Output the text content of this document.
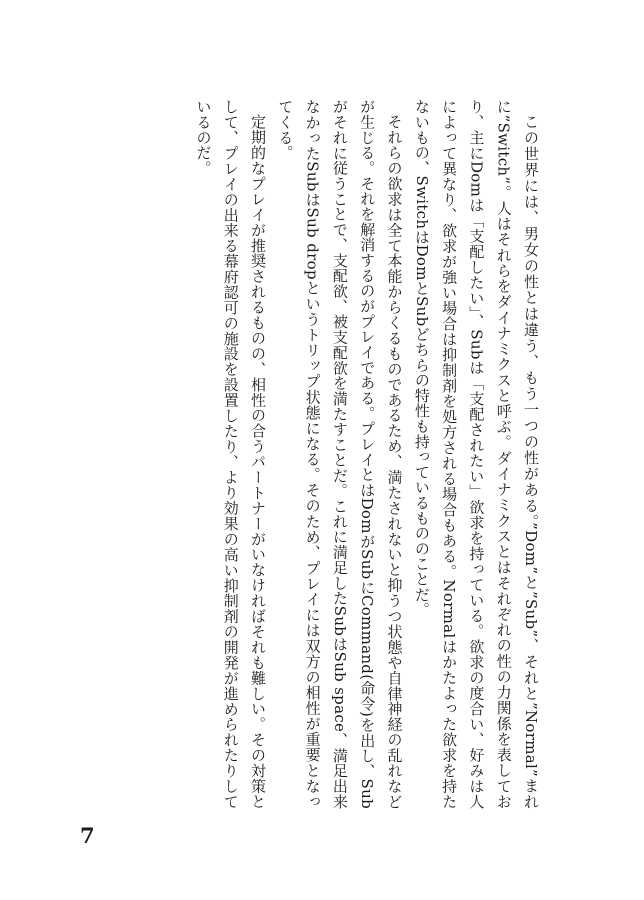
この世界には、男女の性とは違う、もう一つの性がある。”Dom”と”Sub”、それと”Normal”まれに”Switch”。人はそれらをダイナミクスと呼ぶ。ダイナミクスとはそれぞれの性の力関係を表しており、主にDomは「支配したい」、Subは「支配されたい」欲求を持っている。欲求の度合い、好みは人によって異なり、欲求が強い場合は抑制剤を処方される場合もある。Normalはかたよった欲求を持たないもの、SwitchはDomとSubどちらの特性も持っているもののことだ。

それらの欲求は全て本能からくるものであるため、満たされないと抑うつ状態や自律神経の乱れなどが生じる。それを解消するのがプレイである。プレイとはDomがSubにCommand(命令)を出し、Subがそれに従うことで、支配欲、被支配欲を満たすことだ。これに満足したSubはSub space、満足出来なかったSubはSub dropというトリップ状態になる。そのため、プレイには双方の相性が重要となってくる。

定期的なプレイが推奨されるものの、相性の合うパートナーがいなければそれも難しい。その対策として、プレイの出来る幕府認可の施設を設置したり、より効果の高い抑制剤の開発が進められたりしているのだ。

7
